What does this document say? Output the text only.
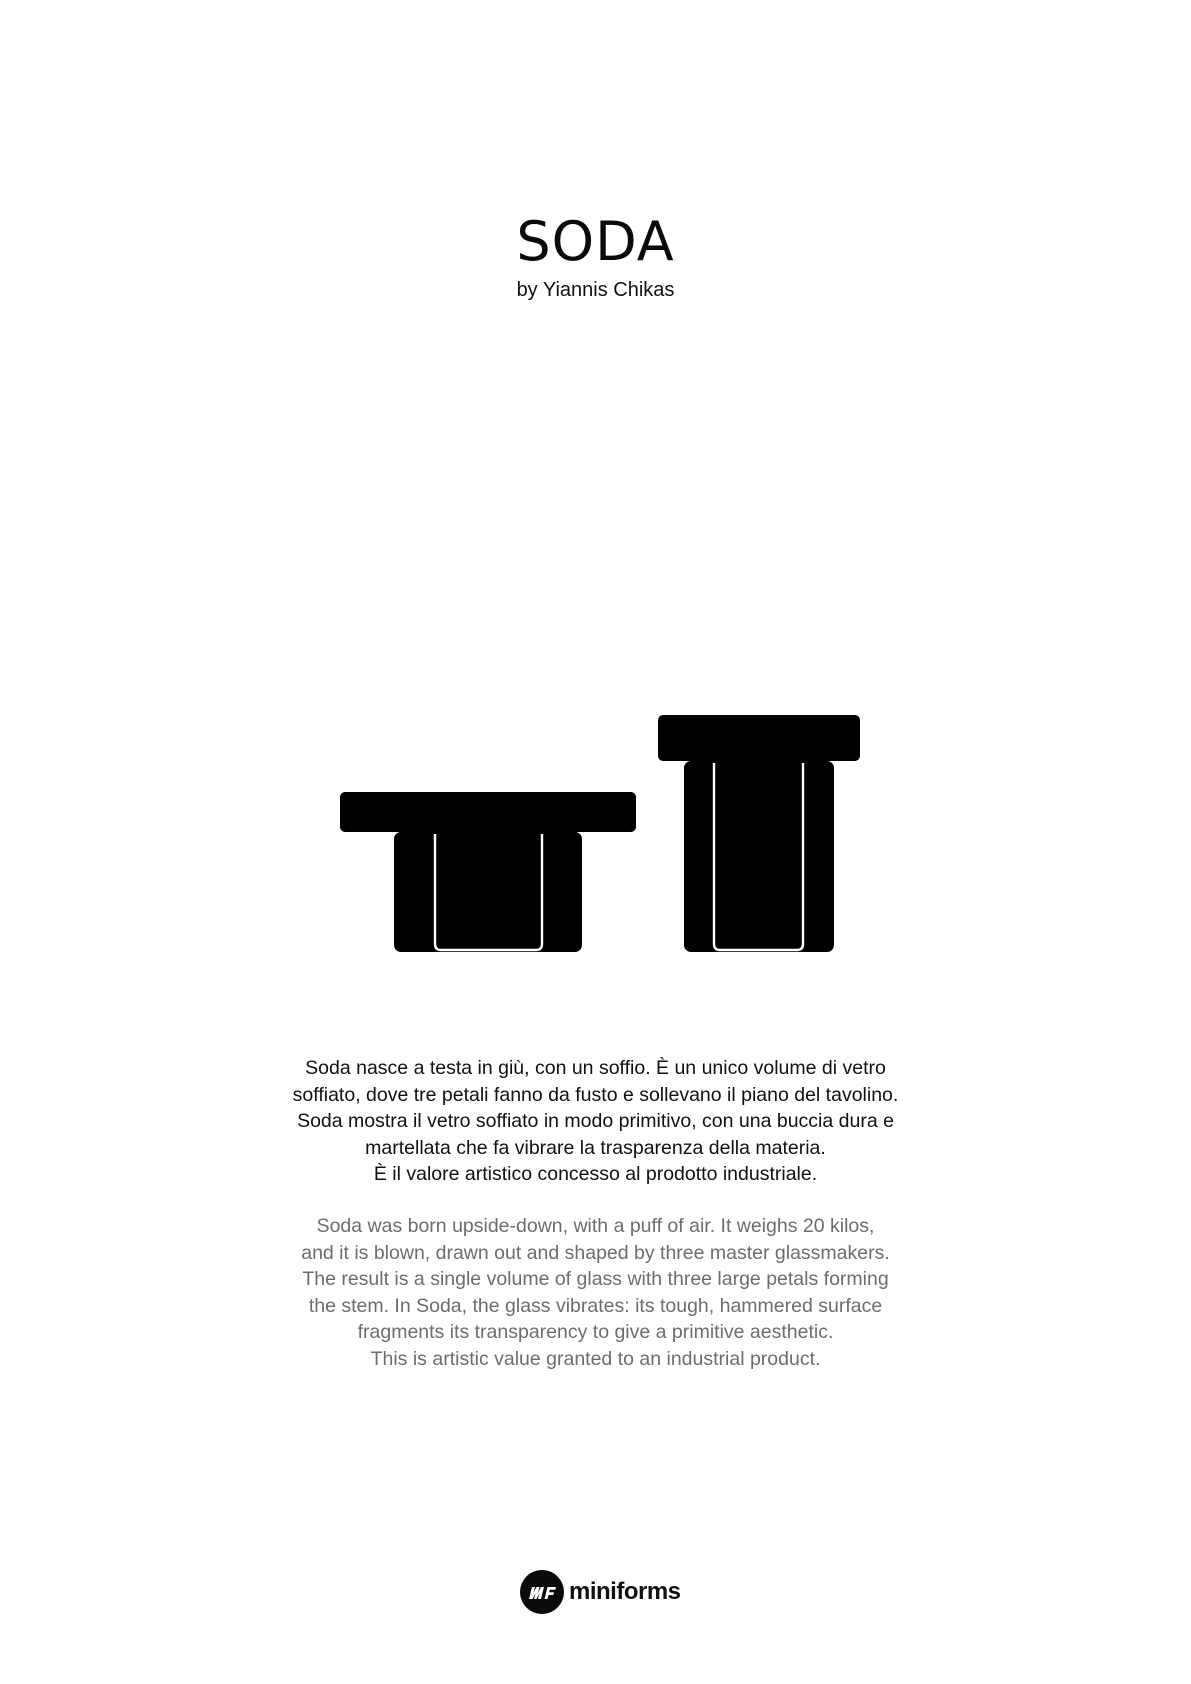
SODA
by Yiannis Chikas
Soda nasce a testa in giù, con un soffio. È un unico volume di vetro
soffiato, dove tre petali fanno da fusto e sollevano il piano del tavolino.
Soda mostra il vetro soffiato in modo primitivo, con una buccia dura e
martellata che fa vibrare la trasparenza della materia.
È il valore artistico concesso al prodotto industriale.
Soda was born upside-down, with a puff of air. It weighs 20 kilos,
and it is blown, drawn out and shaped by three master glassmakers.
The result is a single volume of glass with three large petals forming
the stem. In Soda, the glass vibrates: its tough, hammered surface
fragments its transparency to give a primitive aesthetic.
This is artistic value granted to an industrial product.
miniforms
